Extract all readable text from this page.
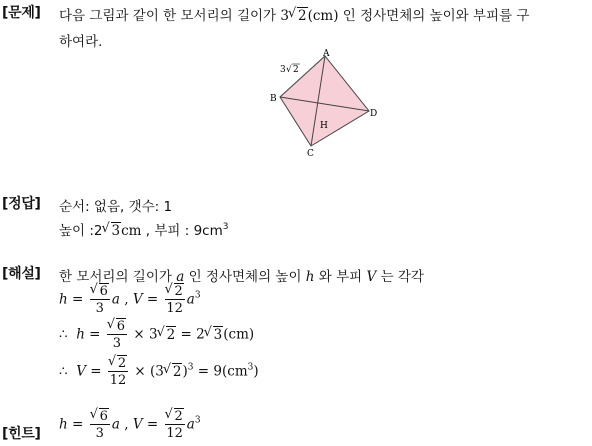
[문제] 다음 그림과 같이 한 모서리의 길이가 3√ 2(cm) 인 정사면체의 높이와 부피를 구
하여라.
A
B
C
D
H
3 √ 2
[정답] 순서: 없음, 갯수: 1
높이 :2√ 3cm , 부피 : $9cm^3$
[해설] 한 모서리의 길이가 a 인 정사면체의 높이 h 와 부피 V 는 각각
h =
√ $\frac{6}{3}$ a , V =
√ $\frac{2}{12} a^3$
∴ h =
√ $\frac{6}{3} \times 3√$ 2 = 2√ 3(cm)
∴ V =
√ $\frac{2}{12} \times (3√$ $2)^3 = 9(cm^3)$
[힌트]
h =
√ $\frac{6}{3}$ a , V =
√ $\frac{2}{12} a^3$
